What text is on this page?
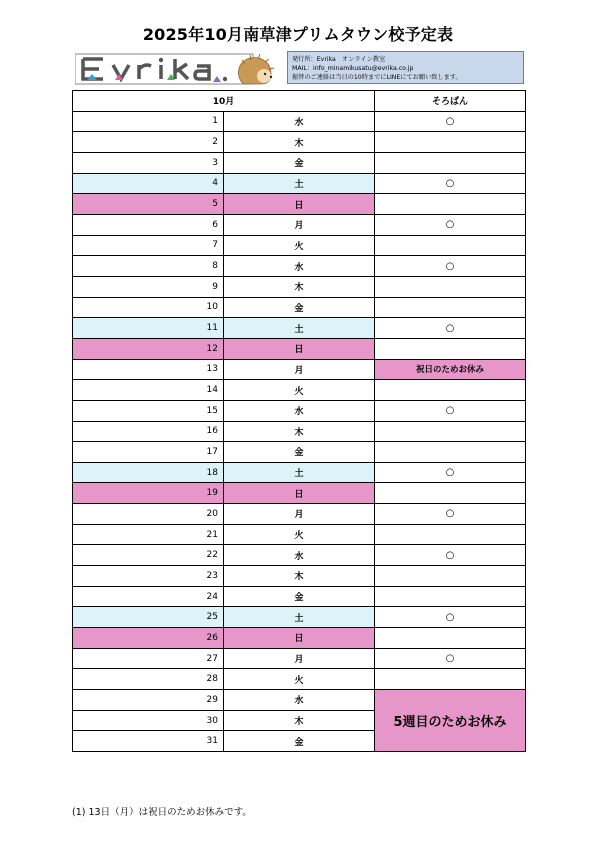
2025年10月南草津プリムタウン校予定表
発行所：Evrika　オンライン教室
MAIL：info_minamikusatu@evrika.co.jp
振替のご連絡は当日の10時までにLINEにてお願い致します。
10月		そろばん
1	水	○
2	木	
3	金	
4	土	○
5	日	
6	月	○
7	火	
8	水	○
9	木	
10	金	
11	土	○
12	日	
13	月	祝日のためお休み
14	火	
15	水	○
16	木	
17	金	
18	土	○
19	日	
20	月	○
21	火	
22	水	○
23	木	
24	金	
25	土	○
26	日	
27	月	○
28	火	
29	水	5週目のためお休み
30	木	
31	金	
(1) 13日（月）は祝日のためお休みです。
